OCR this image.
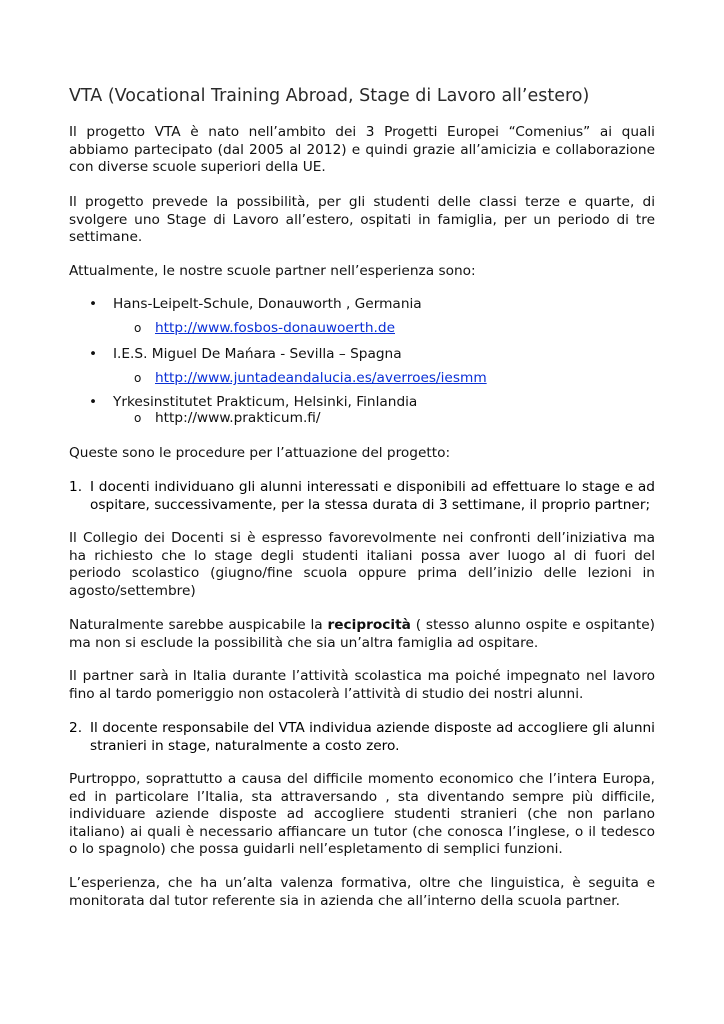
VTA (Vocational Training Abroad, Stage di Lavoro all’estero)

Il progetto VTA è nato nell’ambito dei 3 Progetti Europei “Comenius” ai quali abbiamo partecipato (dal 2005 al 2012) e quindi grazie all’amicizia e collaborazione con diverse scuole superiori della UE.

Il progetto prevede la possibilità, per gli studenti delle classi terze e quarte, di svolgere uno Stage di Lavoro all’estero, ospitati in famiglia, per un periodo di tre settimane.

Attualmente, le nostre scuole partner nell’esperienza sono:

• Hans-Leipelt-Schule, Donauworth , Germania
o http://www.fosbos-donauwoerth.de
• I.E.S. Miguel De Mańara - Sevilla – Spagna
o http://www.juntadeandalucia.es/averroes/iesmm
• Yrkesinstitutet Prakticum, Helsinki, Finlandia
o http://www.prakticum.fi/

Queste sono le procedure per l’attuazione del progetto:

1. I docenti individuano gli alunni interessati e disponibili ad effettuare lo stage e ad ospitare, successivamente, per la stessa durata di 3 settimane, il proprio partner;

Il Collegio dei Docenti si è espresso favorevolmente nei confronti dell’iniziativa ma ha richiesto che lo stage degli studenti italiani possa aver luogo al di fuori del periodo scolastico (giugno/fine scuola oppure prima dell’inizio delle lezioni in agosto/settembre)

Naturalmente sarebbe auspicabile la reciprocità ( stesso alunno ospite e ospitante) ma non si esclude la possibilità che sia un’altra famiglia ad ospitare.

Il partner sarà in Italia durante l’attività scolastica ma poiché impegnato nel lavoro fino al tardo pomeriggio non ostacolerà l’attività di studio dei nostri alunni.

2. Il docente responsabile del VTA individua aziende disposte ad accogliere gli alunni stranieri in stage, naturalmente a costo zero.

Purtroppo, soprattutto a causa del difficile momento economico che l’intera Europa, ed in particolare l’Italia, sta attraversando , sta diventando sempre più difficile, individuare aziende disposte ad accogliere studenti stranieri (che non parlano italiano) ai quali è necessario affiancare un tutor (che conosca l’inglese, o il tedesco o lo spagnolo) che possa guidarli nell’espletamento di semplici funzioni.

L’esperienza, che ha un’alta valenza formativa, oltre che linguistica, è seguita e monitorata dal tutor referente sia in azienda che all’interno della scuola partner.
